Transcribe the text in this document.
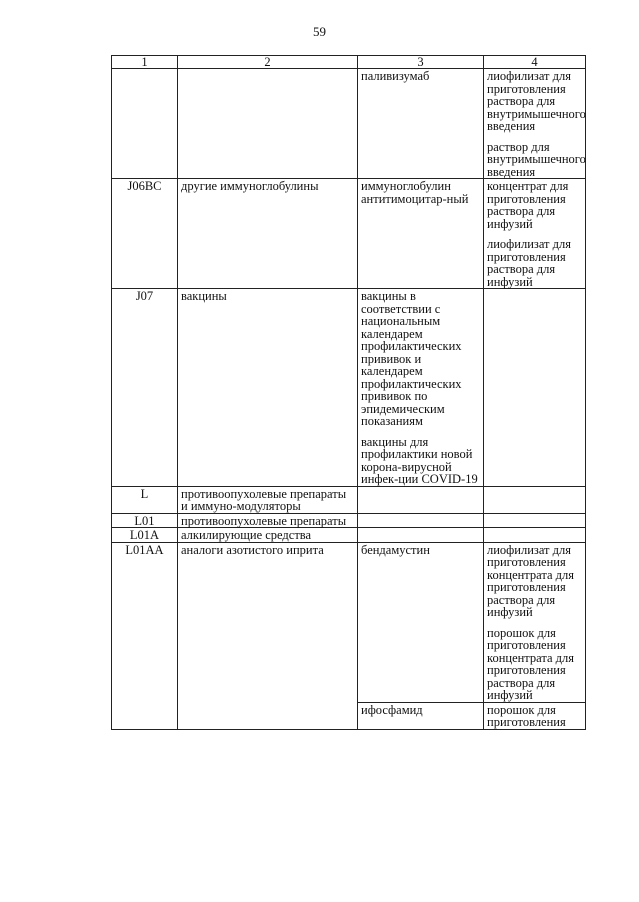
59
1	2	3	4

		паливизумаб	лиофилизат для приготовления раствора для внутримышечного введения
раствор для внутримышечного введения

J06BC	другие иммуноглобулины	иммуноглобулин антитимоцитар-ный	концентрат для приготовления раствора для инфузий
лиофилизат для приготовления раствора для инфузий

J07	вакцины	вакцины в соответствии с национальным календарем профилактических прививок и календарем профилактических прививок по эпидемическим показаниям
вакцины для профилактики новой корона-вирусной инфек-ции COVID-19	

L	противоопухолевые препараты и иммуно-модуляторы		
L01	противоопухолевые препараты		
L01A	алкилирующие средства		
L01AA	аналоги азотистого иприта	бендамустин	лиофилизат для приготовления концентрата для приготовления раствора для инфузий
порошок для приготовления концентрата для приготовления раствора для инфузий

		ифосфамид	порошок для приготовления
